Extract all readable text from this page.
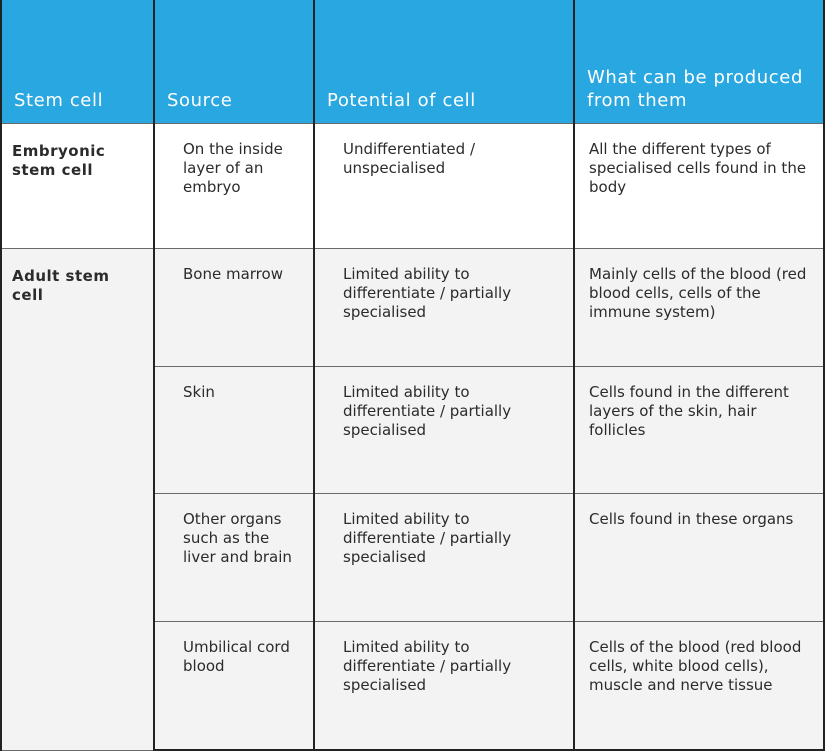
Stem cell	Source	Potential of cell	What can be produced from them
Embryonic stem cell	On the inside layer of an embryo	Undifferentiated / unspecialised	All the different types of specialised cells found in the body
Adult stem cell	Bone marrow	Limited ability to differentiate / partially specialised	Mainly cells of the blood (red blood cells, cells of the immune system)
	Skin	Limited ability to differentiate / partially specialised	Cells found in the different layers of the skin, hair follicles
	Other organs such as the liver and brain	Limited ability to differentiate / partially specialised	Cells found in these organs
	Umbilical cord blood	Limited ability to differentiate / partially specialised	Cells of the blood (red blood cells, white blood cells), muscle and nerve tissue
